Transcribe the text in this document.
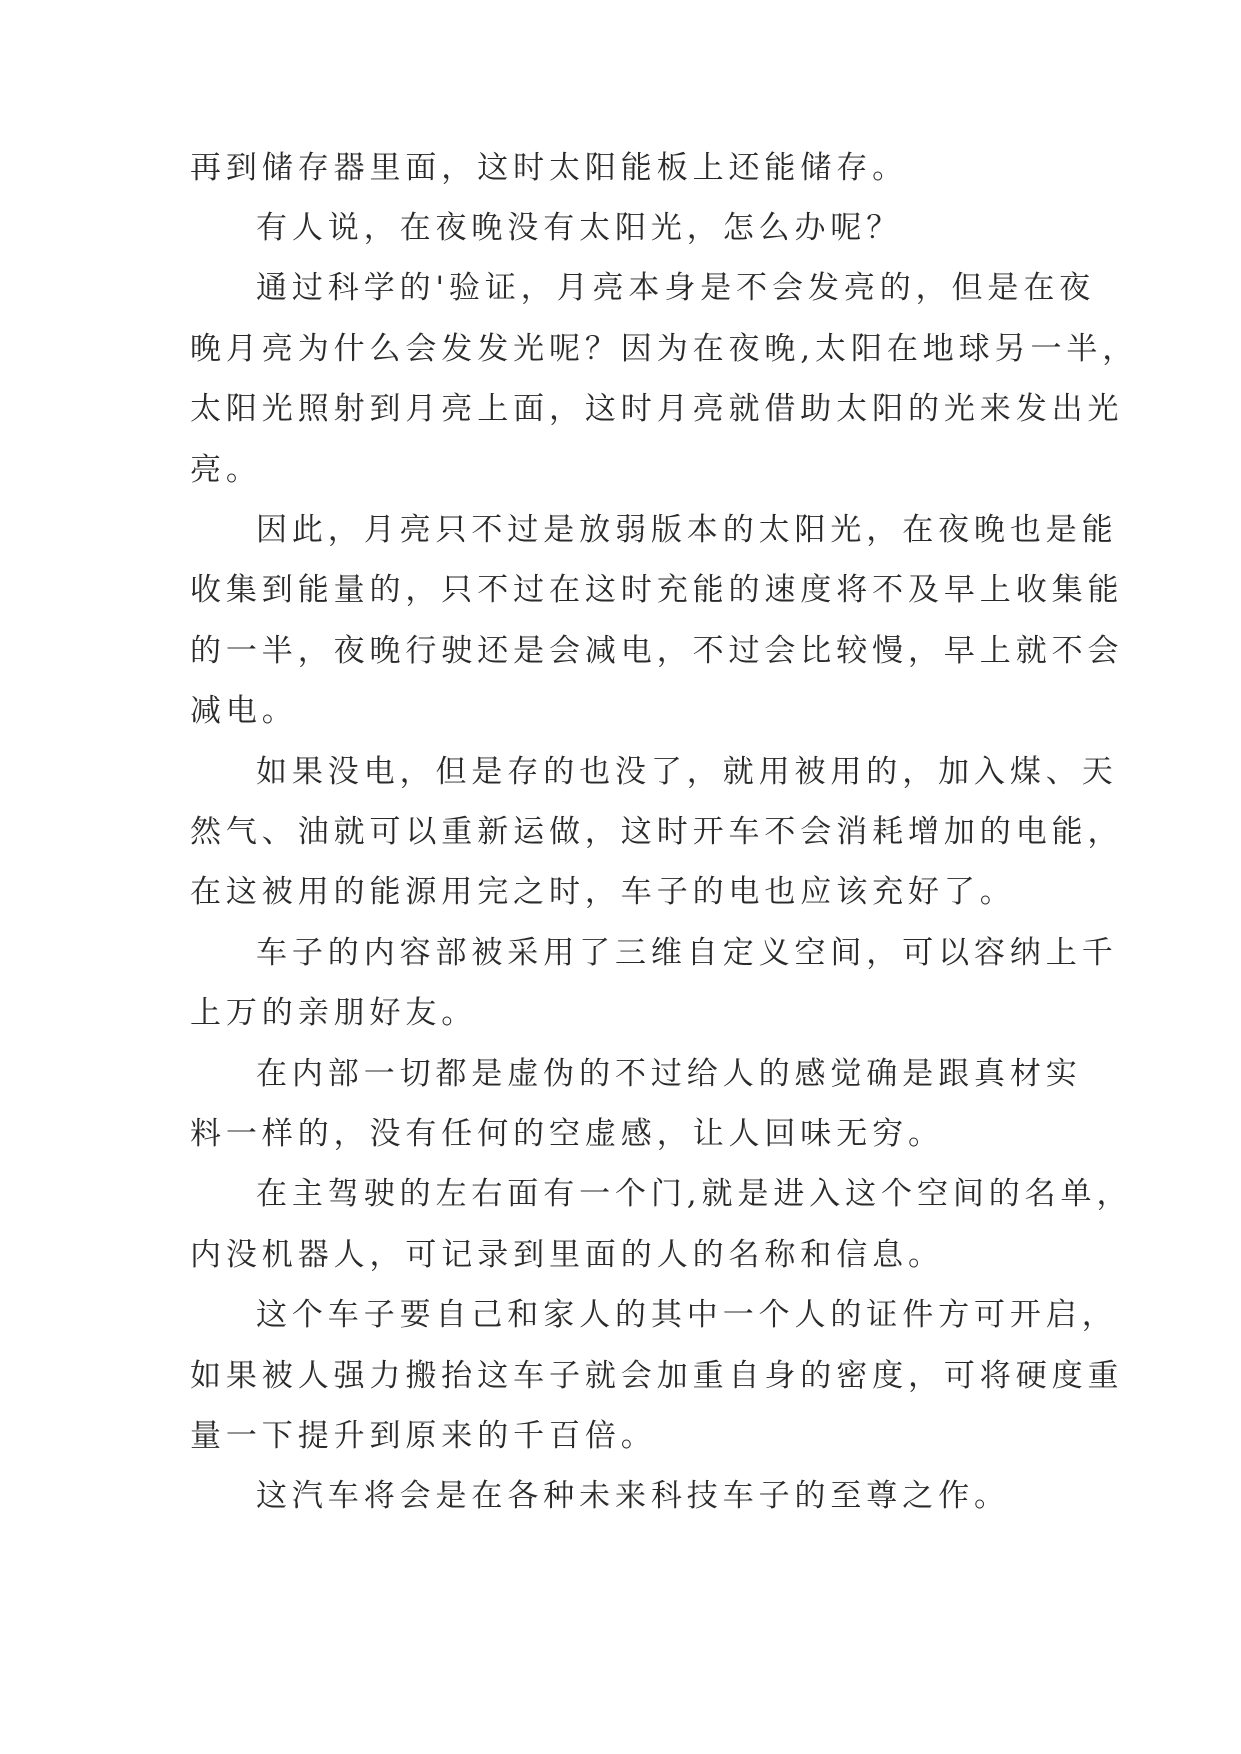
再到储存器里面，这时太阳能板上还能储存。
有人说，在夜晚没有太阳光，怎么办呢？
通过科学的'验证，月亮本身是不会发亮的，但是在夜
晚月亮为什么会发发光呢？因为在夜晚,太阳在地球另一半，
太阳光照射到月亮上面，这时月亮就借助太阳的光来发出光
亮。
因此，月亮只不过是放弱版本的太阳光，在夜晚也是能
收集到能量的，只不过在这时充能的速度将不及早上收集能
的一半，夜晚行驶还是会减电，不过会比较慢，早上就不会
减电。
如果没电，但是存的也没了，就用被用的，加入煤、天
然气、油就可以重新运做，这时开车不会消耗增加的电能，
在这被用的能源用完之时，车子的电也应该充好了。
车子的内容部被采用了三维自定义空间，可以容纳上千
上万的亲朋好友。
在内部一切都是虚伪的不过给人的感觉确是跟真材实
料一样的，没有任何的空虚感，让人回味无穷。
在主驾驶的左右面有一个门,就是进入这个空间的名单，
内没机器人，可记录到里面的人的名称和信息。
这个车子要自己和家人的其中一个人的证件方可开启，
如果被人强力搬抬这车子就会加重自身的密度，可将硬度重
量一下提升到原来的千百倍。
这汽车将会是在各种未来科技车子的至尊之作。
